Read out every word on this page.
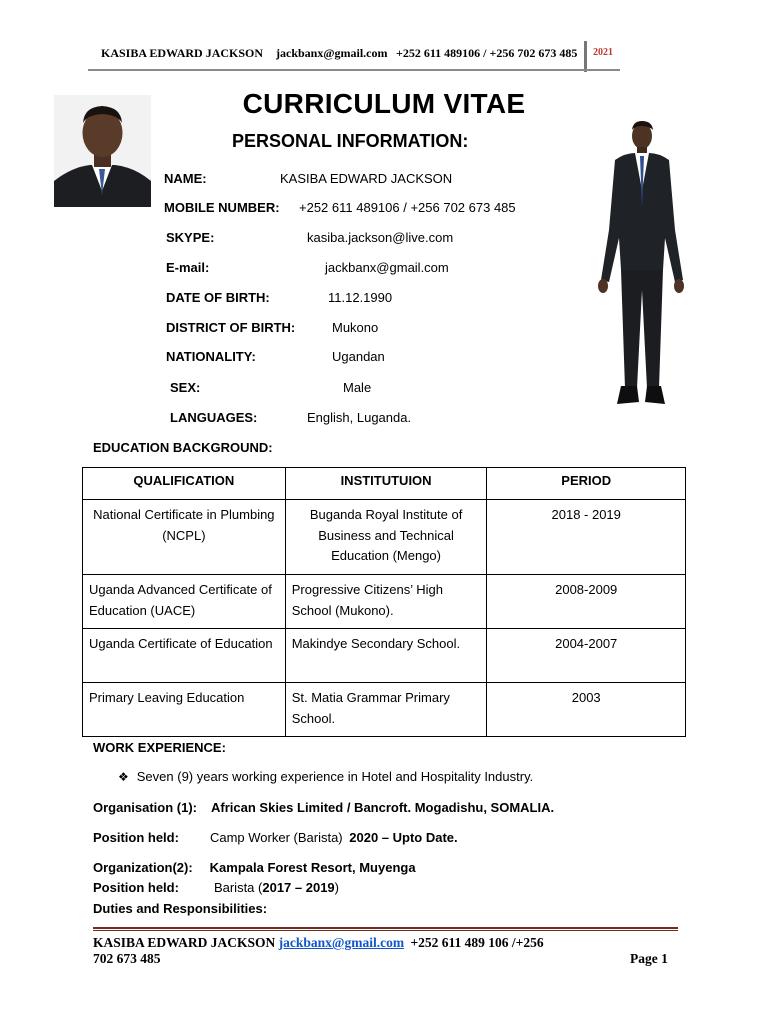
KASIBA EDWARD JACKSON jackbanx@gmail.com +252 611 489106 / +256 702 673 485 2021
CURRICULUM VITAE
PERSONAL INFORMATION:
NAME:	KASIBA EDWARD JACKSON
MOBILE NUMBER: +252 611 489106 / +256 702 673 485
SKYPE:	kasiba.jackson@live.com
E-mail:	jackbanx@gmail.com
DATE OF BIRTH:	11.12.1990
DISTRICT OF BIRTH:	Mukono
NATIONALITY:	Ugandan
SEX:	Male
LANGUAGES:	English, Luganda.
EDUCATION BACKGROUND:
QUALIFICATION	INSTITUTUION	PERIOD
National Certificate in Plumbing (NCPL)	Buganda Royal Institute of Business and Technical Education (Mengo)	2018 - 2019
Uganda Advanced Certificate of Education (UACE)	Progressive Citizens’ High School (Mukono).	2008-2009
Uganda Certificate of Education	Makindye Secondary School.	2004-2007
Primary Leaving Education	St. Matia Grammar Primary School.	2003
WORK EXPERIENCE:
❖ Seven (9) years working experience in Hotel and Hospitality Industry.
Organisation (1): African Skies Limited / Bancroft. Mogadishu, SOMALIA.
Position held: Camp Worker (Barista) 2020 – Upto Date.
Organization(2): Kampala Forest Resort, Muyenga
Position held:	Barista (2017 – 2019)
Duties and Responsibilities:
KASIBA EDWARD JACKSON jackbanx@gmail.com +252 611 489 106 /+256
702 673 485	Page 1
